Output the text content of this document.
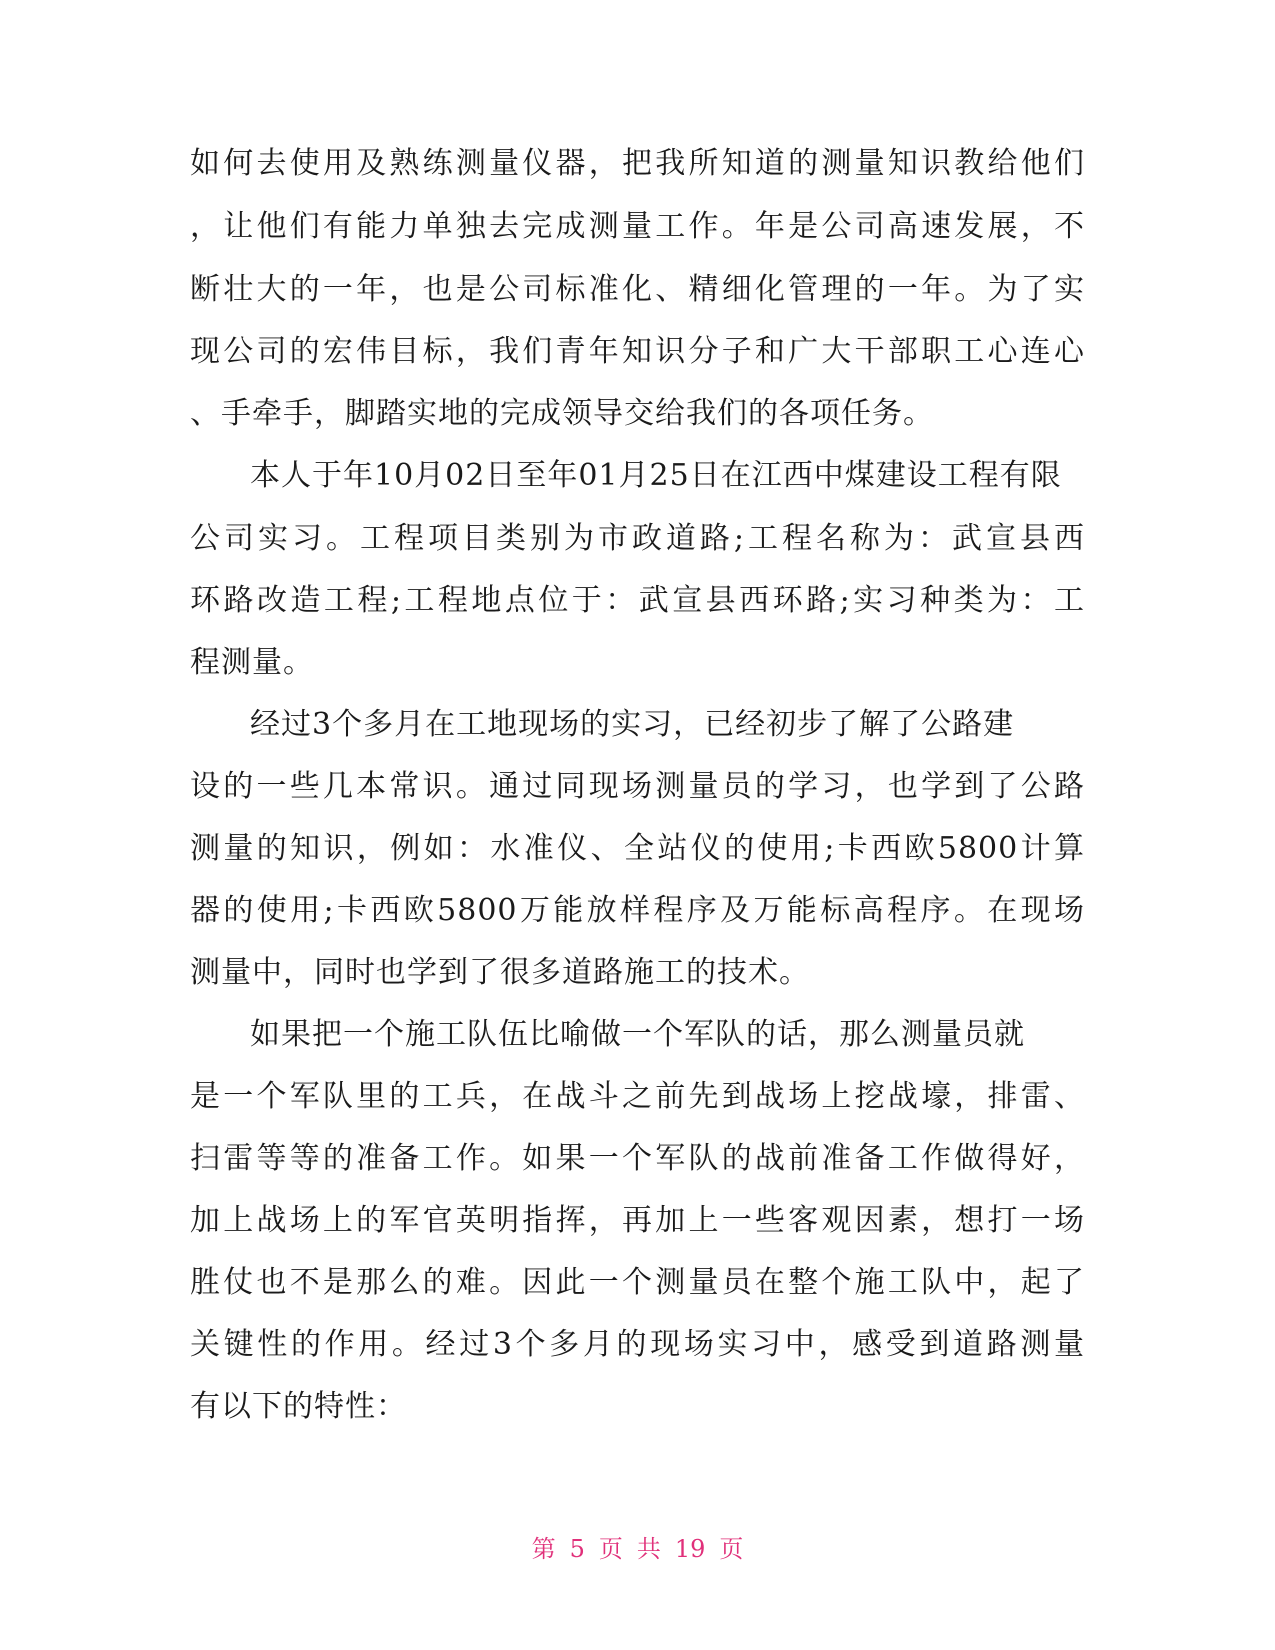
如何去使用及熟练测量仪器，把我所知道的测量知识教给他们
，让他们有能力单独去完成测量工作。年是公司高速发展，不
断壮大的一年，也是公司标准化、精细化管理的一年。为了实
现公司的宏伟目标，我们青年知识分子和广大干部职工心连心
、手牵手，脚踏实地的完成领导交给我们的各项任务。
本人于年10月02日至年01月25日在江西中煤建设工程有限
公司实习。工程项目类别为市政道路;工程名称为：武宣县西
环路改造工程;工程地点位于：武宣县西环路;实习种类为：工
程测量。
经过3个多月在工地现场的实习，已经初步了解了公路建
设的一些几本常识。通过同现场测量员的学习，也学到了公路
测量的知识，例如：水准仪、全站仪的使用;卡西欧5800计算
器的使用;卡西欧5800万能放样程序及万能标高程序。在现场
测量中，同时也学到了很多道路施工的技术。
如果把一个施工队伍比喻做一个军队的话，那么测量员就
是一个军队里的工兵，在战斗之前先到战场上挖战壕，排雷、
扫雷等等的准备工作。如果一个军队的战前准备工作做得好，
加上战场上的军官英明指挥，再加上一些客观因素，想打一场
胜仗也不是那么的难。因此一个测量员在整个施工队中，起了
关键性的作用。经过3个多月的现场实习中，感受到道路测量
有以下的特性：
第 5 页 共 19 页
